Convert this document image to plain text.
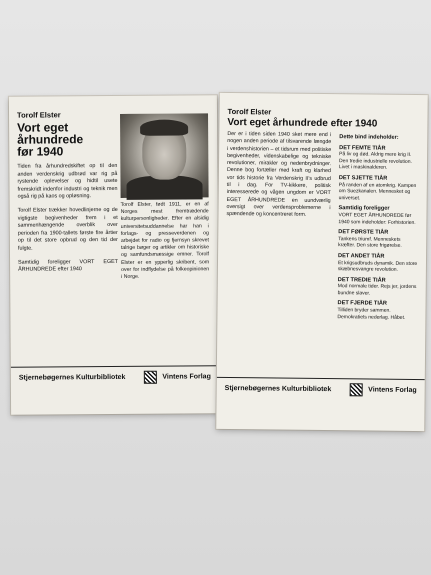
Torolf Elster
Vort eget
århundrede
før 1940
Tiden fra århundredskiftet op til den anden verdenskrig udbrød var rig på rystende oplevelser og hidtil usete fremskridt indenfor industri og teknik men også rig på kaos og opløsning.
Torolf Elster trækker hovedlinjerne og de vigtigste begivenheder frem i et sammenhængende overblik over perioden fra 1900-tallets første fire årtier op til det store opbrud og den tid der fulgte.
Samtidig foreligger VORT EGET ÅRHUNDREDE efter 1940
Torolf Elster, født 1911, er en af Norges mest fremtrædende kulturpersonligheder. Efter en alsidig universitetsuddannelse har han i forlags- og presseverdenen og arbejdet for radio og fjernsyn skrevet talrige bøger og artikler om historiske og samfundsmæssige emner. Torolf Elster er en ypperlig skribent, som over for indflydelse på folkeopinionen i Norge.
Stjernebøgernes Kulturbibliotek	Vintens Forlag
Torolf Elster
Vort eget århundrede efter 1940
Der er i tiden siden 1940 sket mere end i nogen anden periode af tilsvarende længde i verdenshistorien – et tidsrum med politiske begivenheder, videnskabelige og tekniske revolutioner, mirakler og nedenbrydninger. Denne bog fortæller med kraft og klarhed vor tids historie fra Verdenskrig II's udbrud til i dag. For TV-kikkere, politisk interesserede og vågen ungdom er VORT EGET ÅRHUNDREDE en uundværlig oversigt over verdensproblemerne i spændende og koncentreret form.
Dette bind indeholder:
DET FEMTE TIÅR
På liv og død. Aldrig mere krig II. Den tredie industrielle revolution. Livet i maskinalderen.
DET SJETTE TIÅR
På randen af en atomkrig. Kampen om Suezkanalen. Mennesket og universet.
Samtidig foreligger
VORT EGET ÅRHUNDREDE før 1940 som indeholder: Forhistorien.
DET FØRSTE TIÅR
Tankens triumf. Menneskets kræfter. Den store frigørelse.
DET ANDET TIÅR
Et krigsudbruds dynamik. Den store skæbnesvangre revolution.
DET TREDIE TIÅR
Mod normale tider. Rejs jer, jordens bundne slaver.
DET FJERDE TIÅR
Tilliden bryder sammen. Demokratiets nederlag. Håbet.
Stjernebøgernes Kulturbibliotek	Vintens Forlag
